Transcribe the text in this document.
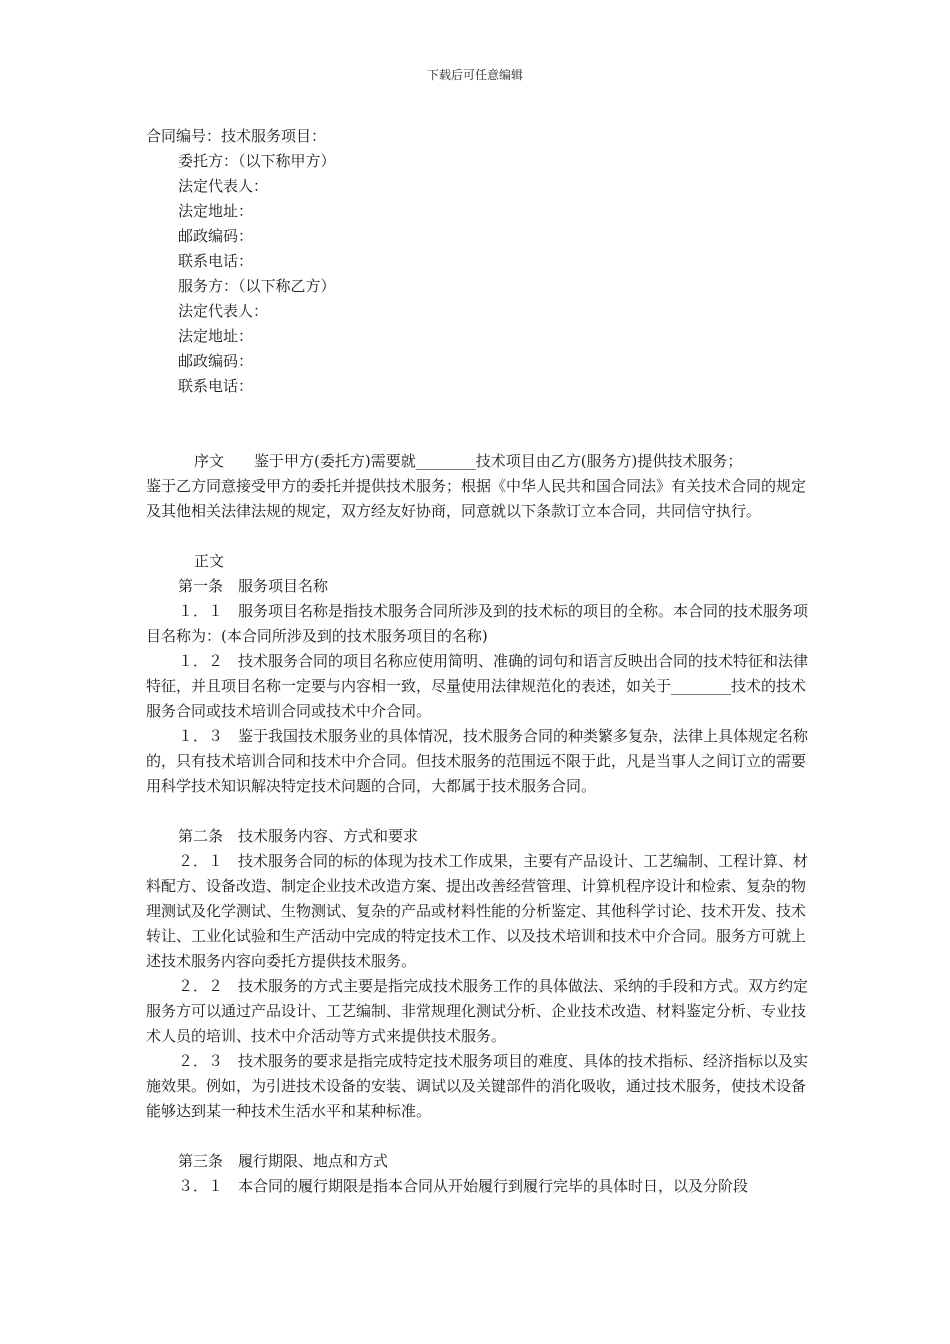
下载后可任意编辑

合同编号：技术服务项目：

委托方：（以下称甲方）

法定代表人：

法定地址：

邮政编码：

联系电话：

服务方：（以下称乙方）

法定代表人：

法定地址：

邮政编码：

联系电话：

序文　　鉴于甲方(委托方)需要就________技术项目由乙方(服务方)提供技术服务；

鉴于乙方同意接受甲方的委托并提供技术服务；根据《中华人民共和国合同法》有关技术合同的规定及其他相关法律法规的规定，双方经友好协商，同意就以下条款订立本合同，共同信守执行。

正文

第一条　服务项目名称

１．１　服务项目名称是指技术服务合同所涉及到的技术标的项目的全称。本合同的技术服务项目名称为：(本合同所涉及到的技术服务项目的名称)

１．２　技术服务合同的项目名称应使用简明、准确的词句和语言反映出合同的技术特征和法律特征，并且项目名称一定要与内容相一致，尽量使用法律规范化的表述，如关于________技术的技术服务合同或技术培训合同或技术中介合同。

１．３　鉴于我国技术服务业的具体情况，技术服务合同的种类繁多复杂，法律上具体规定名称的，只有技术培训合同和技术中介合同。但技术服务的范围远不限于此，凡是当事人之间订立的需要用科学技术知识解决特定技术问题的合同，大都属于技术服务合同。

第二条　技术服务内容、方式和要求

２．１　技术服务合同的标的体现为技术工作成果，主要有产品设计、工艺编制、工程计算、材料配方、设备改造、制定企业技术改造方案、提出改善经营管理、计算机程序设计和检索、复杂的物理测试及化学测试、生物测试、复杂的产品或材料性能的分析鉴定、其他科学讨论、技术开发、技术转让、工业化试验和生产活动中完成的特定技术工作、以及技术培训和技术中介合同。服务方可就上述技术服务内容向委托方提供技术服务。

２．２　技术服务的方式主要是指完成技术服务工作的具体做法、采纳的手段和方式。双方约定服务方可以通过产品设计、工艺编制、非常规理化测试分析、企业技术改造、材料鉴定分析、专业技术人员的培训、技术中介活动等方式来提供技术服务。

２．３　技术服务的要求是指完成特定技术服务项目的难度、具体的技术指标、经济指标以及实施效果。例如，为引进技术设备的安装、调试以及关键部件的消化吸收，通过技术服务，使技术设备能够达到某一种技术生活水平和某种标准。

第三条　履行期限、地点和方式

３．１　本合同的履行期限是指本合同从开始履行到履行完毕的具体时日，以及分阶段
